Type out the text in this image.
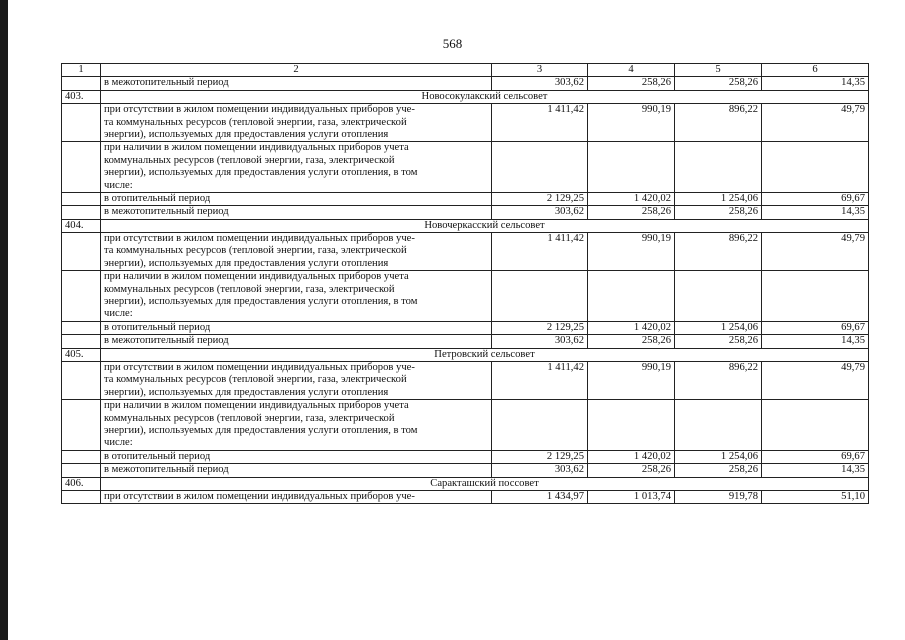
568
1	2	3	4	5	6
	в межотопительный период	303,62	258,26	258,26	14,35
403.	Новосокулакский сельсовет				

	при отсутствии в жилом помещении индивидуальных приборов уче-
та коммунальных ресурсов (тепловой энергии, газа, электрической
энергии), используемых для предоставления услуги отопления	1 411,42	990,19	896,22	49,79

	при наличии в жилом помещении индивидуальных приборов учета
коммунальных ресурсов (тепловой энергии, газа, электрической
энергии), используемых для предоставления услуги отопления, в том
числе:				

	в отопительный период	2 129,25	1 420,02	1 254,06	69,67
	в межотопительный период	303,62	258,26	258,26	14,35
404.	Новочеркасский сельсовет				

	при отсутствии в жилом помещении индивидуальных приборов уче-
та коммунальных ресурсов (тепловой энергии, газа, электрической
энергии), используемых для предоставления услуги отопления	1 411,42	990,19	896,22	49,79

	при наличии в жилом помещении индивидуальных приборов учета
коммунальных ресурсов (тепловой энергии, газа, электрической
энергии), используемых для предоставления услуги отопления, в том
числе:				

	в отопительный период	2 129,25	1 420,02	1 254,06	69,67
	в межотопительный период	303,62	258,26	258,26	14,35
405.	Петровский сельсовет				

	при отсутствии в жилом помещении индивидуальных приборов уче-
та коммунальных ресурсов (тепловой энергии, газа, электрической
энергии), используемых для предоставления услуги отопления	1 411,42	990,19	896,22	49,79

	при наличии в жилом помещении индивидуальных приборов учета
коммунальных ресурсов (тепловой энергии, газа, электрической
энергии), используемых для предоставления услуги отопления, в том
числе:				

	в отопительный период	2 129,25	1 420,02	1 254,06	69,67
	в межотопительный период	303,62	258,26	258,26	14,35
406.	Саракташский поссовет				
	при отсутствии в жилом помещении индивидуальных приборов уче-	1 434,97	1 013,74	919,78	51,10
